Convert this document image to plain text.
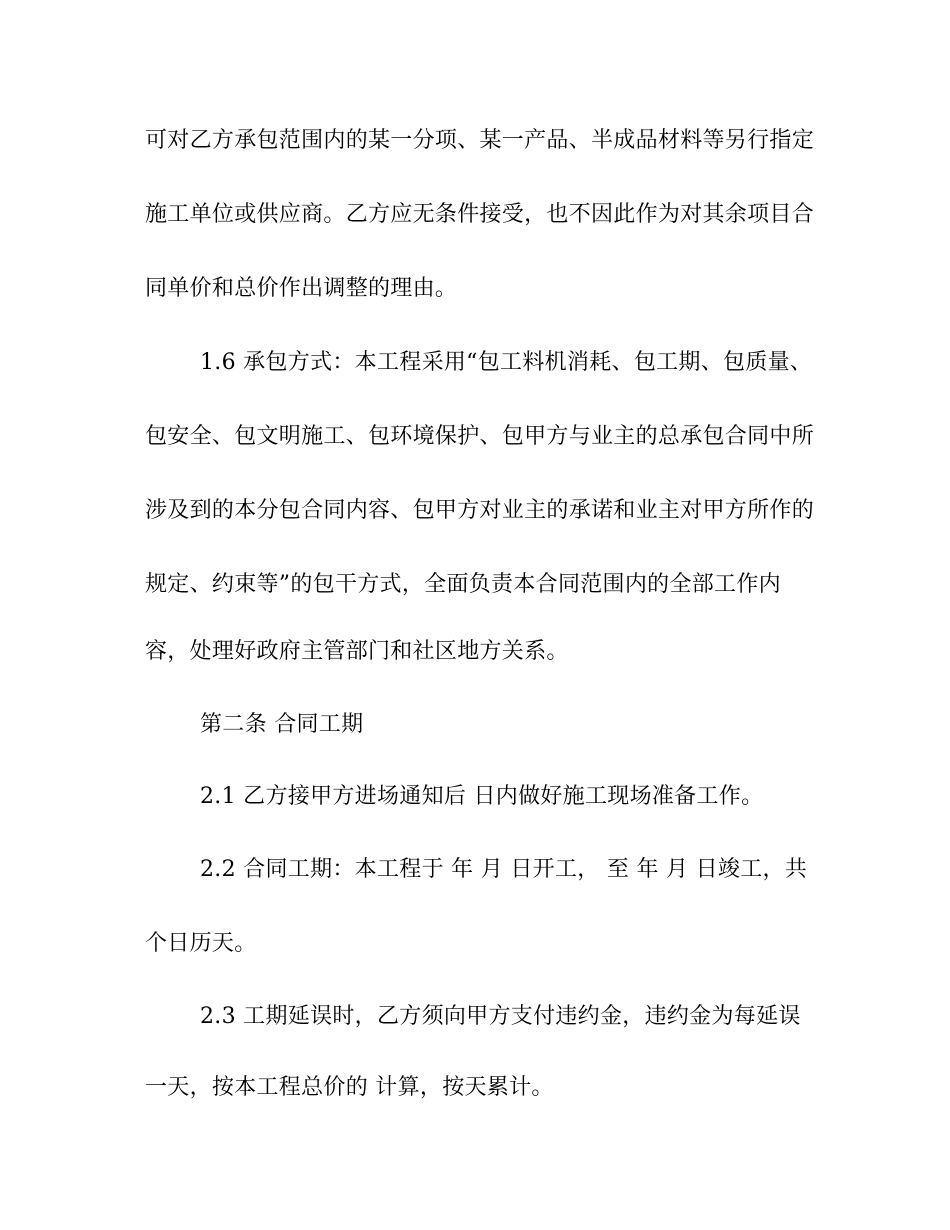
可对乙方承包范围内的某一分项、某一产品、半成品材料等另行指定
施工单位或供应商。乙方应无条件接受，也不因此作为对其余项目合
同单价和总价作出调整的理由。
1.6 承包方式：本工程采用“包工料机消耗、包工期、包质量、
包安全、包文明施工、包环境保护、包甲方与业主的总承包合同中所
涉及到的本分包合同内容、包甲方对业主的承诺和业主对甲方所作的
规定、约束等”的包干方式，全面负责本合同范围内的全部工作内
容，处理好政府主管部门和社区地方关系。
第二条 合同工期
2.1 乙方接甲方进场通知后 日内做好施工现场准备工作。
2.2 合同工期：本工程于 年 月 日开工， 至 年 月 日竣工，共
个日历天。
2.3 工期延误时，乙方须向甲方支付违约金，违约金为每延误
一天，按本工程总价的 计算，按天累计。
